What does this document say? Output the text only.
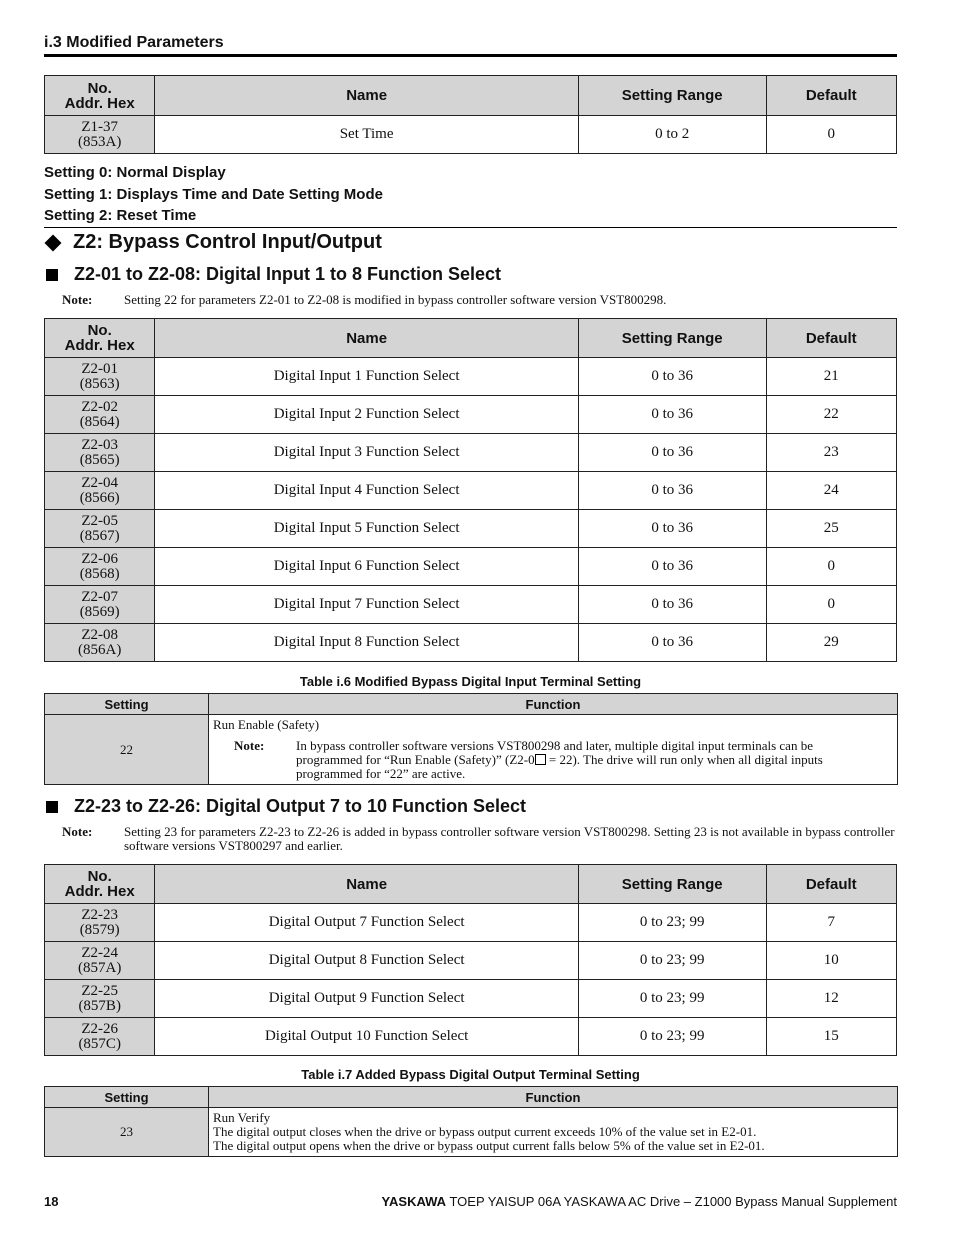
i.3 Modified Parameters
No.
Addr. Hex	Name	Setting Range	Default
Z1-37
(853A)	Set Time	0 to 2	0
Setting 0: Normal Display
Setting 1: Displays Time and Date Setting Mode
Setting 2: Reset Time
Z2: Bypass Control Input/Output
Z2-01 to Z2-08: Digital Input 1 to 8 Function Select
Note: Setting 22 for parameters Z2-01 to Z2-08 is modified in bypass controller software version VST800298.
No.
Addr. Hex	Name	Setting Range	Default
Z2-01
(8563)	Digital Input 1 Function Select	0 to 36	21
Z2-02
(8564)	Digital Input 2 Function Select	0 to 36	22
Z2-03
(8565)	Digital Input 3 Function Select	0 to 36	23
Z2-04
(8566)	Digital Input 4 Function Select	0 to 36	24
Z2-05
(8567)	Digital Input 5 Function Select	0 to 36	25
Z2-06
(8568)	Digital Input 6 Function Select	0 to 36	0
Z2-07
(8569)	Digital Input 7 Function Select	0 to 36	0
Z2-08
(856A)	Digital Input 8 Function Select	0 to 36	29
Table i.6 Modified Bypass Digital Input Terminal Setting
Setting	Function
22	Run Enable (Safety)
Note: In bypass controller software versions VST800298 and later, multiple digital input terminals can be programmed for “Run Enable (Safety)” (Z2-0 = 22). The drive will run only when all digital inputs programmed for “22” are active.
Z2-23 to Z2-26: Digital Output 7 to 10 Function Select
Note: Setting 23 for parameters Z2-23 to Z2-26 is added in bypass controller software version VST800298. Setting 23 is not available in bypass controller software versions VST800297 and earlier.
No.
Addr. Hex	Name	Setting Range	Default
Z2-23
(8579)	Digital Output 7 Function Select	0 to 23; 99	7
Z2-24
(857A)	Digital Output 8 Function Select	0 to 23; 99	10
Z2-25
(857B)	Digital Output 9 Function Select	0 to 23; 99	12
Z2-26
(857C)	Digital Output 10 Function Select	0 to 23; 99	15
Table i.7 Added Bypass Digital Output Terminal Setting
Setting	Function
23	Run Verify
The digital output closes when the drive or bypass output current exceeds 10% of the value set in E2-01.
The digital output opens when the drive or bypass output current falls below 5% of the value set in E2-01.
18	YASKAWA TOEP YAISUP 06A YASKAWA AC Drive – Z1000 Bypass Manual Supplement
